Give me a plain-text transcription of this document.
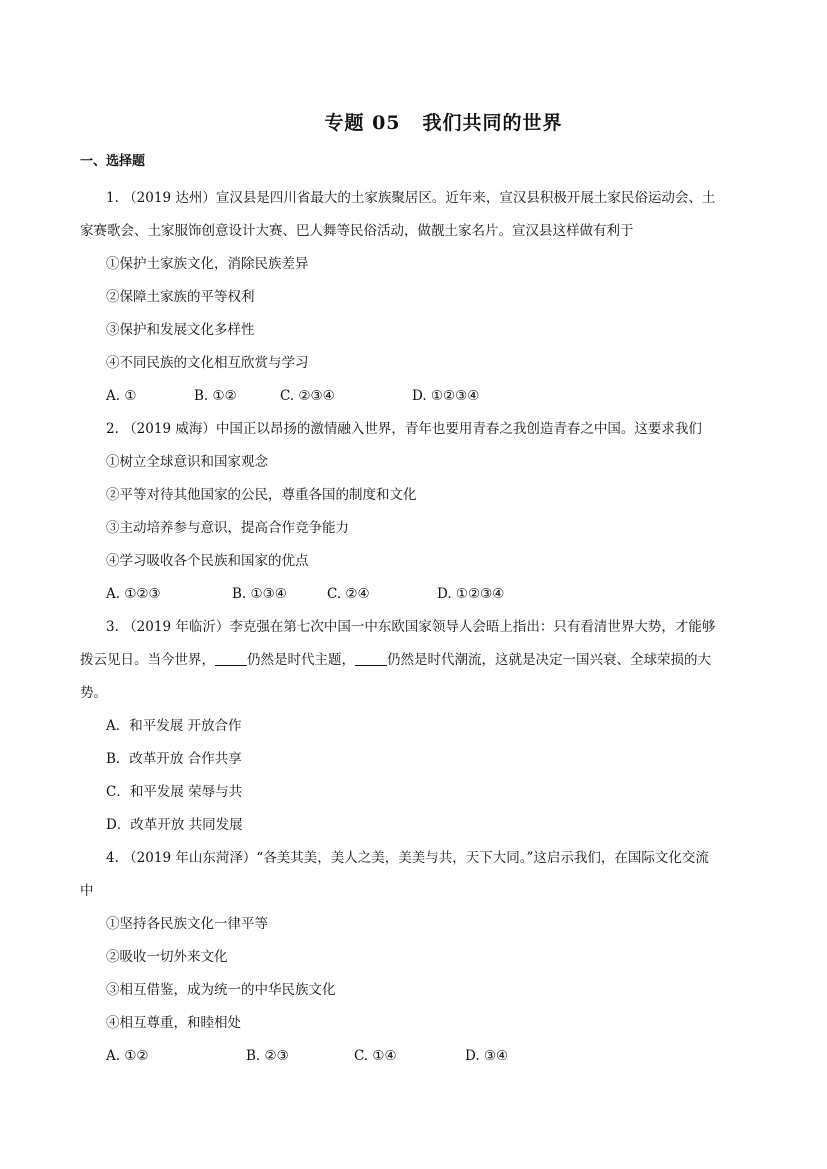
专题 05 我们共同的世界
一、选择题
1. （2019 达州）宣汉县是四川省最大的土家族聚居区。近年来，宣汉县积极开展土家民俗运动会、土
家赛歌会、土家服饰创意设计大赛、巴人舞等民俗活动，做靓土家名片。宣汉县这样做有利于
①保护土家族文化，消除民族差异
②保障土家族的平等权利
③保护和发展文化多样性
④不同民族的文化相互欣赏与学习
A. ①	B. ①②	C. ②③④	D. ①②③④
2. （2019 威海）中国正以昂扬的激情融入世界，青年也要用青春之我创造青春之中国。这要求我们
①树立全球意识和国家观念
②平等对待其他国家的公民，尊重各国的制度和文化
③主动培养参与意识，提高合作竞争能力
④学习吸收各个民族和国家的优点
A. ①②③	B. ①③④	C. ②④	D. ①②③④
3. （2019 年临沂）李克强在第七次中国一中东欧国家领导人会晤上指出：只有看清世界大势，才能够
拨云见日。当今世界， 仍然是时代主题， 仍然是时代潮流，这就是决定一国兴衰、全球荣损的大
势。
A．和平发展 开放合作
B．改革开放 合作共享
C．和平发展 荣辱与共
D．改革开放 共同发展
4. （2019 年山东菏泽）“各美其美，美人之美，美美与共，天下大同。”这启示我们，在国际文化交流
中
①坚持各民族文化一律平等
②吸收一切外来文化
③相互借鉴，成为统一的中华民族文化
④相互尊重，和睦相处
A. ①②	B. ②③	C. ①④	D. ③④
